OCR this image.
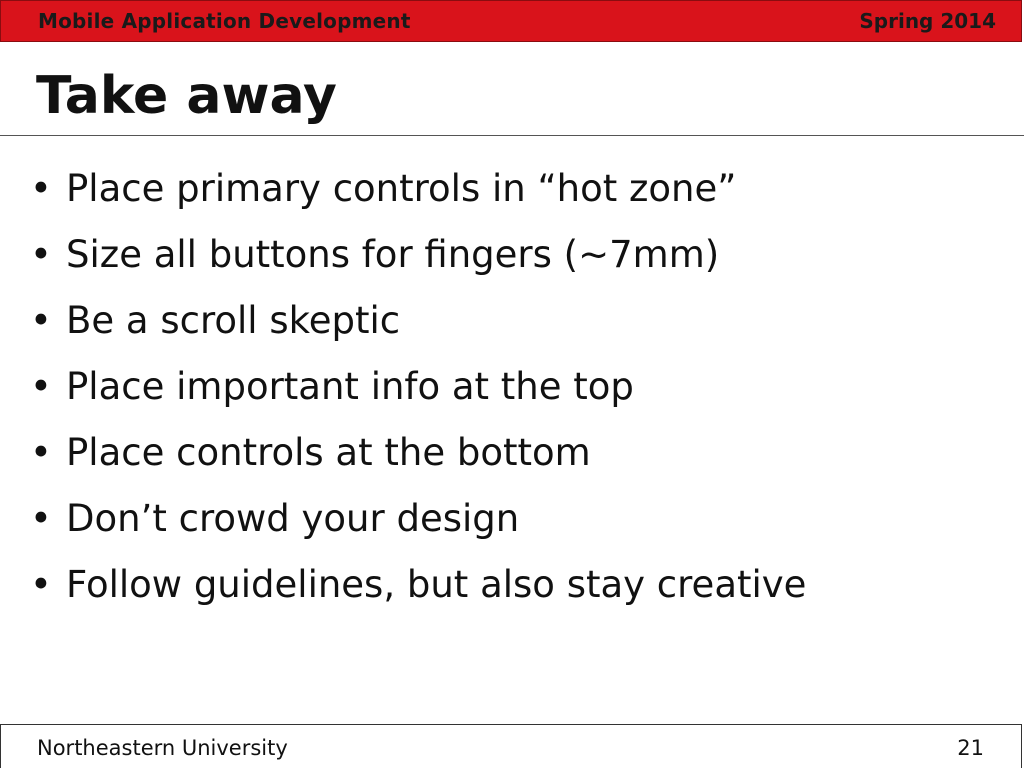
Mobile Application Development	Spring 2014
Take away
• Place primary controls in “hot zone”
• Size all buttons for fingers (~7mm)
• Be a scroll skeptic
• Place important info at the top
• Place controls at the bottom
• Don’t crowd your design
• Follow guidelines, but also stay creative
Northeastern University	21
